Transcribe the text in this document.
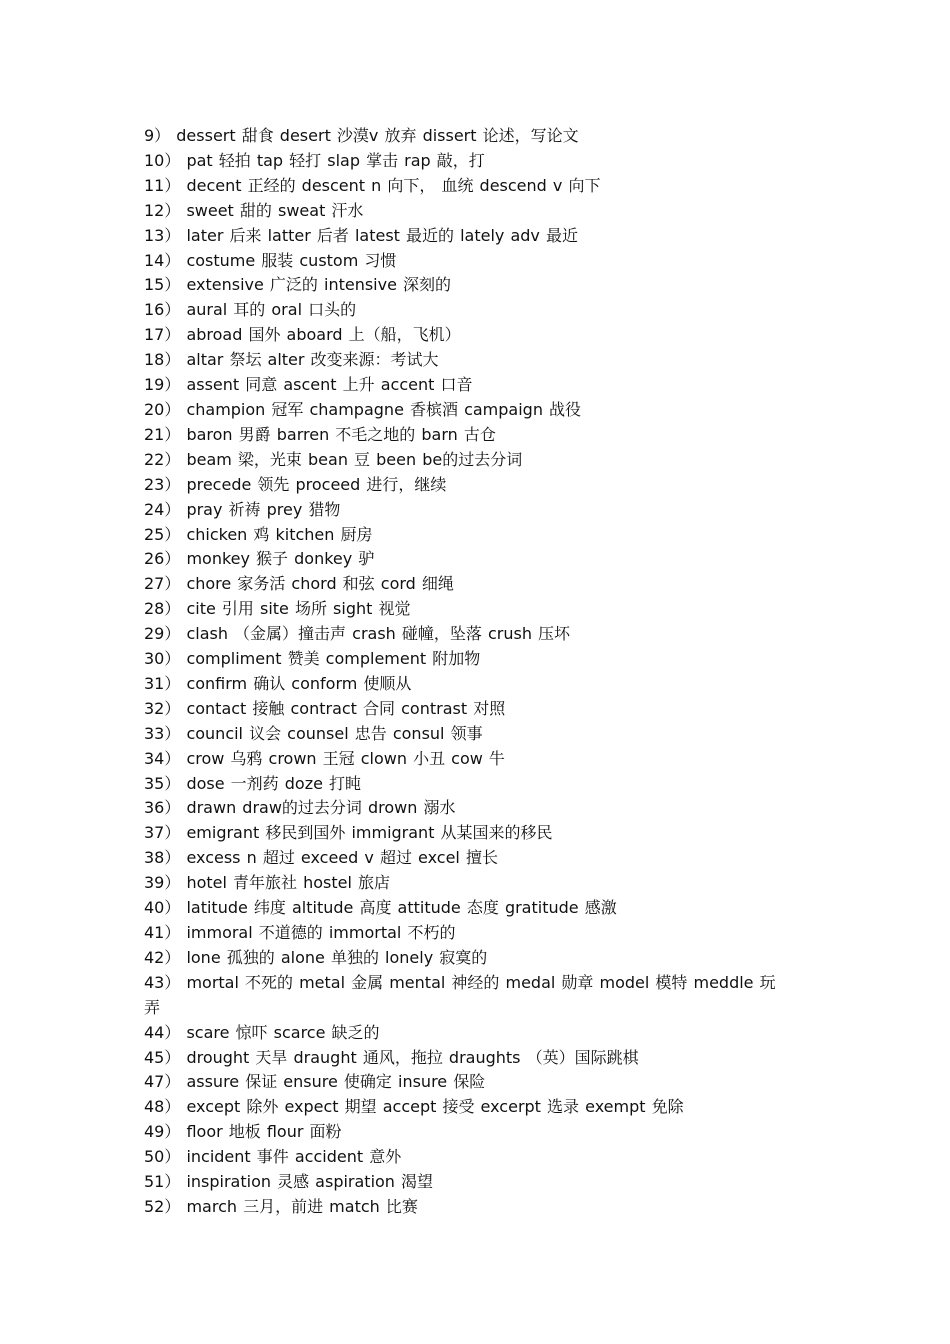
9） dessert 甜食 desert 沙漠v 放弃 dissert 论述，写论文
10） pat 轻拍 tap 轻打 slap 掌击 rap 敲，打
11） decent 正经的 descent n 向下， 血统 descend v 向下
12） sweet 甜的 sweat 汗水
13） later 后来 latter 后者 latest 最近的 lately adv 最近
14） costume 服装 custom 习惯
15） extensive 广泛的 intensive 深刻的
16） aural 耳的 oral 口头的
17） abroad 国外 aboard 上（船，飞机）
18） altar 祭坛 alter 改变来源：考试大
19） assent 同意 ascent 上升 accent 口音
20） champion 冠军 champagne 香槟酒 campaign 战役
21） baron 男爵 barren 不毛之地的 barn 古仓
22） beam 梁，光束 bean 豆 been be的过去分词
23） precede 领先 proceed 进行，继续
24） pray 祈祷 prey 猎物
25） chicken 鸡 kitchen 厨房
26） monkey 猴子 donkey 驴
27） chore 家务活 chord 和弦 cord 细绳
28） cite 引用 site 场所 sight 视觉
29） clash （金属）撞击声 crash 碰幢，坠落 crush 压坏
30） compliment 赞美 complement 附加物
31） confirm 确认 conform 使顺从
32） contact 接触 contract 合同 contrast 对照
33） council 议会 counsel 忠告 consul 领事
34） crow 乌鸦 crown 王冠 clown 小丑 cow 牛
35） dose 一剂药 doze 打盹
36） drawn draw的过去分词 drown 溺水
37） emigrant 移民到国外 immigrant 从某国来的移民
38） excess n 超过 exceed v 超过 excel 擅长
39） hotel 青年旅社 hostel 旅店
40） latitude 纬度 altitude 高度 attitude 态度 gratitude 感激
41） immoral 不道德的 immortal 不朽的
42） lone 孤独的 alone 单独的 lonely 寂寞的
43） mortal 不死的 metal 金属 mental 神经的 medal 勋章 model 模特 meddle 玩弄
44） scare 惊吓 scarce 缺乏的
45） drought 天旱 draught 通风，拖拉 draughts （英）国际跳棋
47） assure 保证 ensure 使确定 insure 保险
48） except 除外 expect 期望 accept 接受 excerpt 选录 exempt 免除
49） floor 地板 flour 面粉
50） incident 事件 accident 意外
51） inspiration 灵感 aspiration 渴望
52） march 三月，前进 match 比赛
